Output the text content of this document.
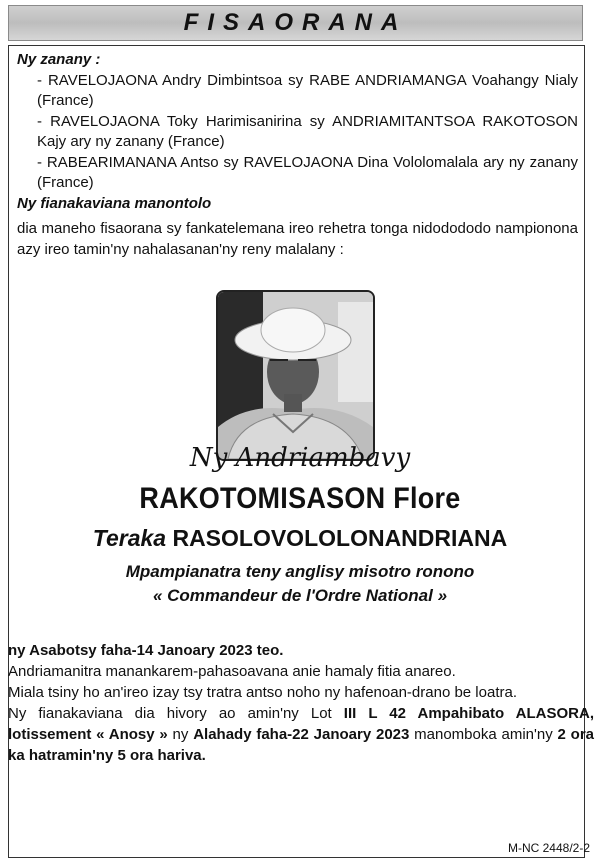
FISAORANA
Ny zanany :
- RAVELOJAONA Andry Dimbintsoa sy RABE ANDRIAMANGA Voahangy Nialy (France)
- RAVELOJAONA Toky Harimisanirina sy ANDRIAMITANTSOA RAKOTOSON Kajy ary ny zanany (France)
- RABEARIMANANA Antso sy RAVELOJAONA Dina Vololomalala ary ny zanany (France)
Ny fianakaviana manontolo
dia maneho fisaorana sy fankatelemana ireo rehetra tonga nidodododo nampionona azy ireo tamin'ny nahalasanan'ny reny malalany :
Ny Andriambavy
RAKOTOMISASON Flore
Teraka RASOLOVOLOLONANDRIANA
Mpampianatra teny anglisy misotro ronono
« Commandeur de l'Ordre National »

ny Asabotsy faha-14 Janoary 2023 teo.

Andriamanitra manankarem-pahasoavana anie hamaly fitia anareo.

Miala tsiny ho an'ireo izay tsy tratra antso noho ny hafenoan-drano be loatra.

Ny fianakaviana dia hivory ao amin'ny Lot III L 42 Ampahibato ALASORA, lotissement « Anosy » ny Alahady faha-22 Janoary 2023 manomboka amin'ny 2 ora ka hatramin'ny 5 ora hariva.

M-NC 2448/2-2
